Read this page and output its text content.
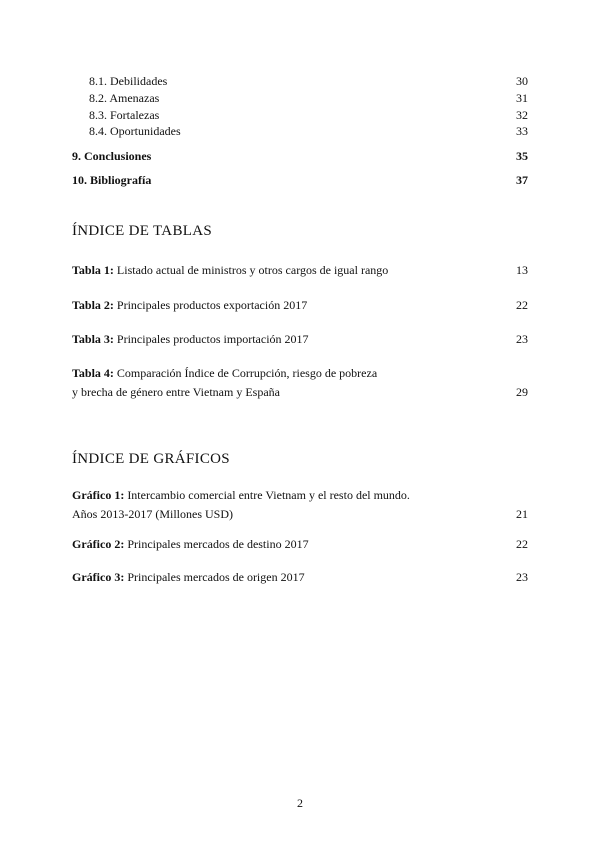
8.1. Debilidades	30
8.2. Amenazas	31
8.3. Fortalezas	32
8.4. Oportunidades	33
9. Conclusiones	35
10. Bibliografía	37
ÍNDICE DE TABLAS
Tabla 1: Listado actual de ministros y otros cargos de igual rango	13
Tabla 2: Principales productos exportación 2017	22
Tabla 3: Principales productos importación 2017	23
Tabla 4: Comparación Índice de Corrupción, riesgo de pobreza
y brecha de género entre Vietnam y España	29
ÍNDICE DE GRÁFICOS
Gráfico 1: Intercambio comercial entre Vietnam y el resto del mundo.
Años 2013-2017 (Millones USD)	21
Gráfico 2: Principales mercados de destino 2017	22
Gráfico 3: Principales mercados de origen 2017	23
2
